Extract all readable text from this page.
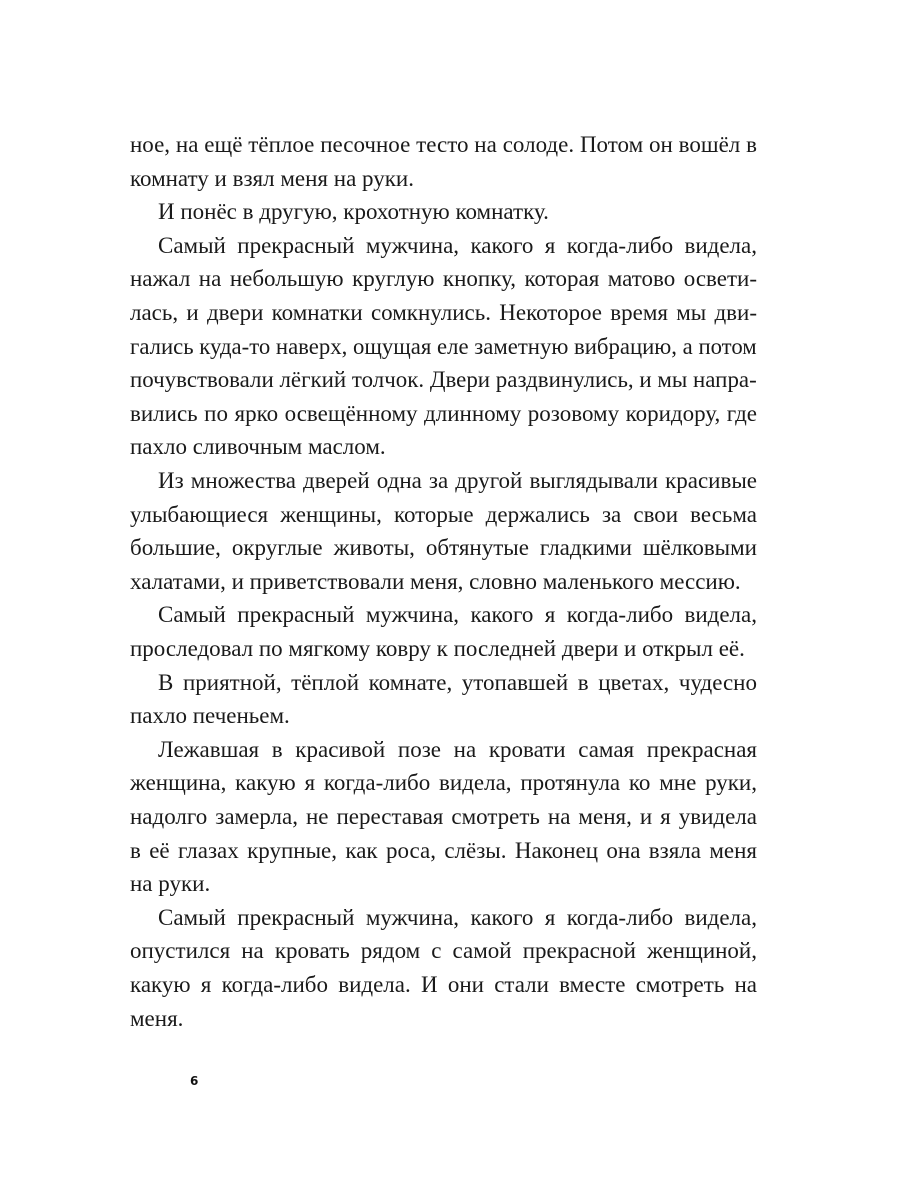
ное, на ещё тёплое песочное тесто на солоде. Потом он вошёл в
комнату и взял меня на руки.
И понёс в другую, крохотную комнатку.
Самый прекрасный мужчина, какого я когда-либо видела,
нажал на небольшую круглую кнопку, которая матово освети-
лась, и двери комнатки сомкнулись. Некоторое время мы дви-
гались куда-то наверх, ощущая еле заметную вибрацию, а потом
почувствовали лёгкий толчок. Двери раздвинулись, и мы напра-
вились по ярко освещённому длинному розовому коридору, где
пахло сливочным маслом.
Из множества дверей одна за другой выглядывали красивые
улыбающиеся женщины, которые держались за свои весьма
большие, округлые животы, обтянутые гладкими шёлковыми
халатами, и приветствовали меня, словно маленького мессию.
Самый прекрасный мужчина, какого я когда-либо видела,
проследовал по мягкому ковру к последней двери и открыл её.
В приятной, тёплой комнате, утопавшей в цветах, чудесно
пахло печеньем.
Лежавшая в красивой позе на кровати самая прекрасная
женщина, какую я когда-либо видела, протянула ко мне руки,
надолго замерла, не переставая смотреть на меня, и я увидела
в её глазах крупные, как роса, слёзы. Наконец она взяла меня
на руки.
Самый прекрасный мужчина, какого я когда-либо видела,
опустился на кровать рядом с самой прекрасной женщиной,
какую я когда-либо видела. И они стали вместе смотреть на
меня.
6
